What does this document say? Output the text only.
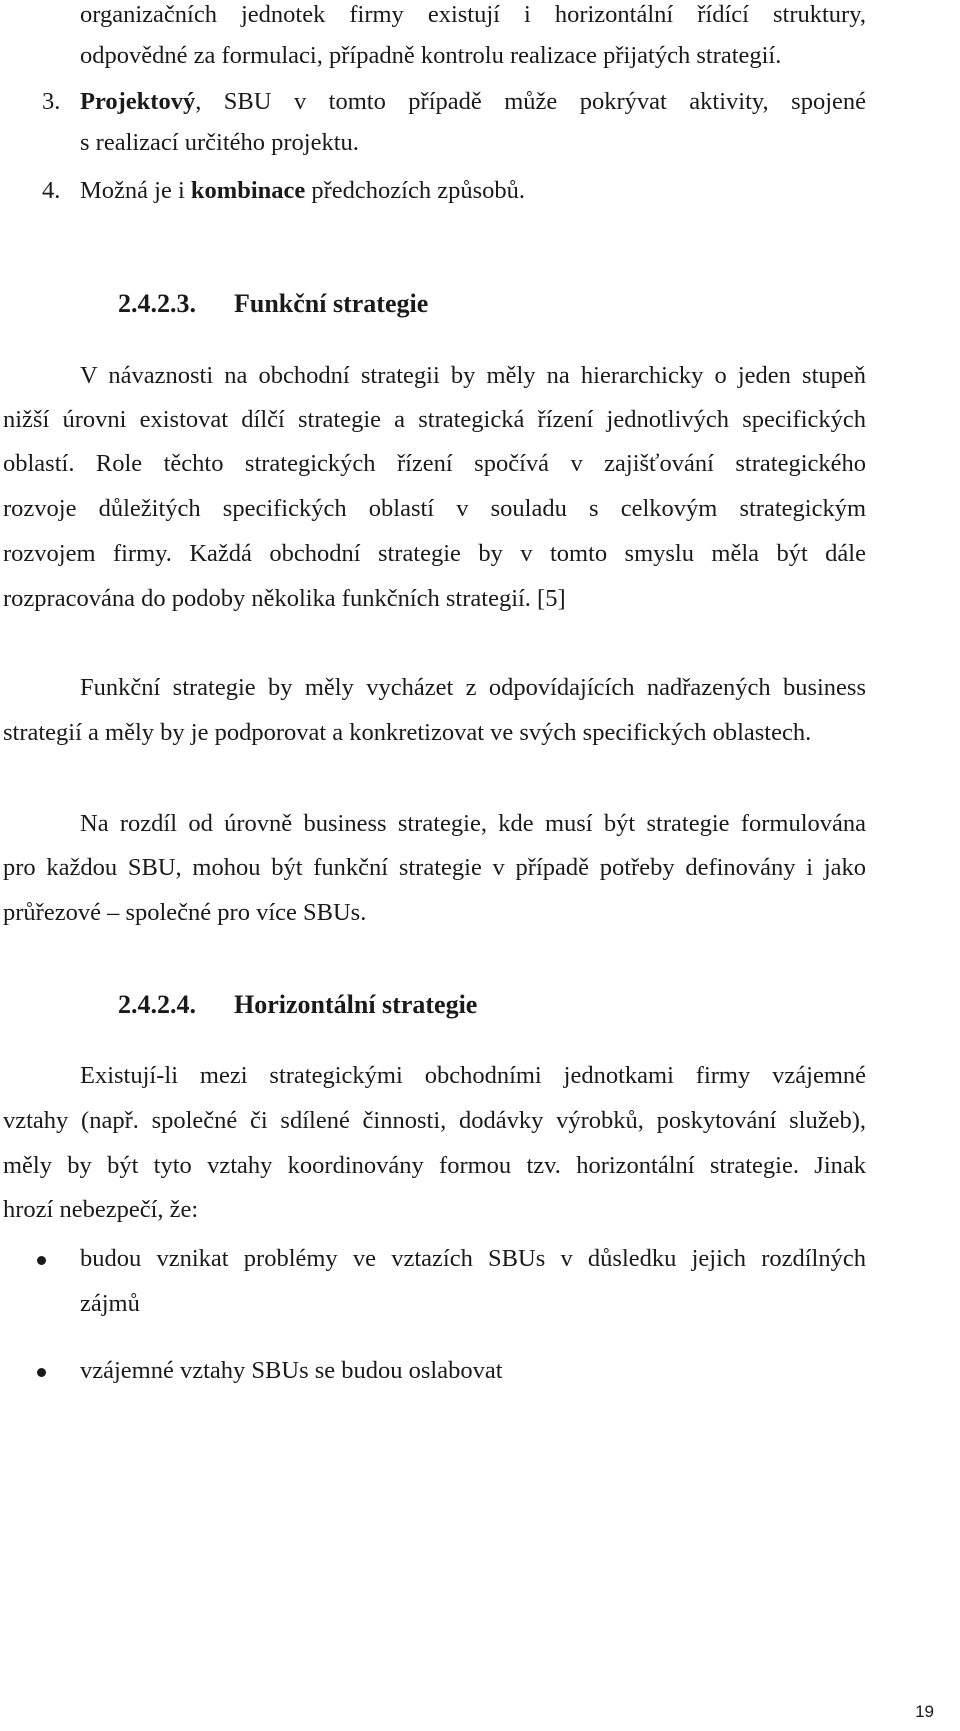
organizačních jednotek firmy existují i horizontální řídící struktury,
odpovědné za formulaci, případně kontrolu realizace přijatých strategií.
3. Projektový, SBU v tomto případě může pokrývat aktivity, spojené
s realizací určitého projektu.
4. Možná je i kombinace předchozích způsobů.
2.4.2.3. Funkční strategie
V návaznosti na obchodní strategii by měly na hierarchicky o jeden stupeň
nižší úrovni existovat dílčí strategie a strategická řízení jednotlivých specifických
oblastí. Role těchto strategických řízení spočívá v zajišťování strategického
rozvoje důležitých specifických oblastí v souladu s celkovým strategickým
rozvojem firmy. Každá obchodní strategie by v tomto smyslu měla být dále
rozpracována do podoby několika funkčních strategií. [5]
Funkční strategie by měly vycházet z odpovídajících nadřazených business
strategií a měly by je podporovat a konkretizovat ve svých specifických oblastech.
Na rozdíl od úrovně business strategie, kde musí být strategie formulována
pro každou SBU, mohou být funkční strategie v případě potřeby definovány i jako
průřezové – společné pro více SBUs.
2.4.2.4. Horizontální strategie
Existují-li mezi strategickými obchodními jednotkami firmy vzájemné
vztahy (např. společné či sdílené činnosti, dodávky výrobků, poskytování služeb),
měly by být tyto vztahy koordinovány formou tzv. horizontální strategie. Jinak
hrozí nebezpečí, že:
budou vznikat problémy ve vztazích SBUs v důsledku jejich rozdílných
zájmů
vzájemné vztahy SBUs se budou oslabovat
19
